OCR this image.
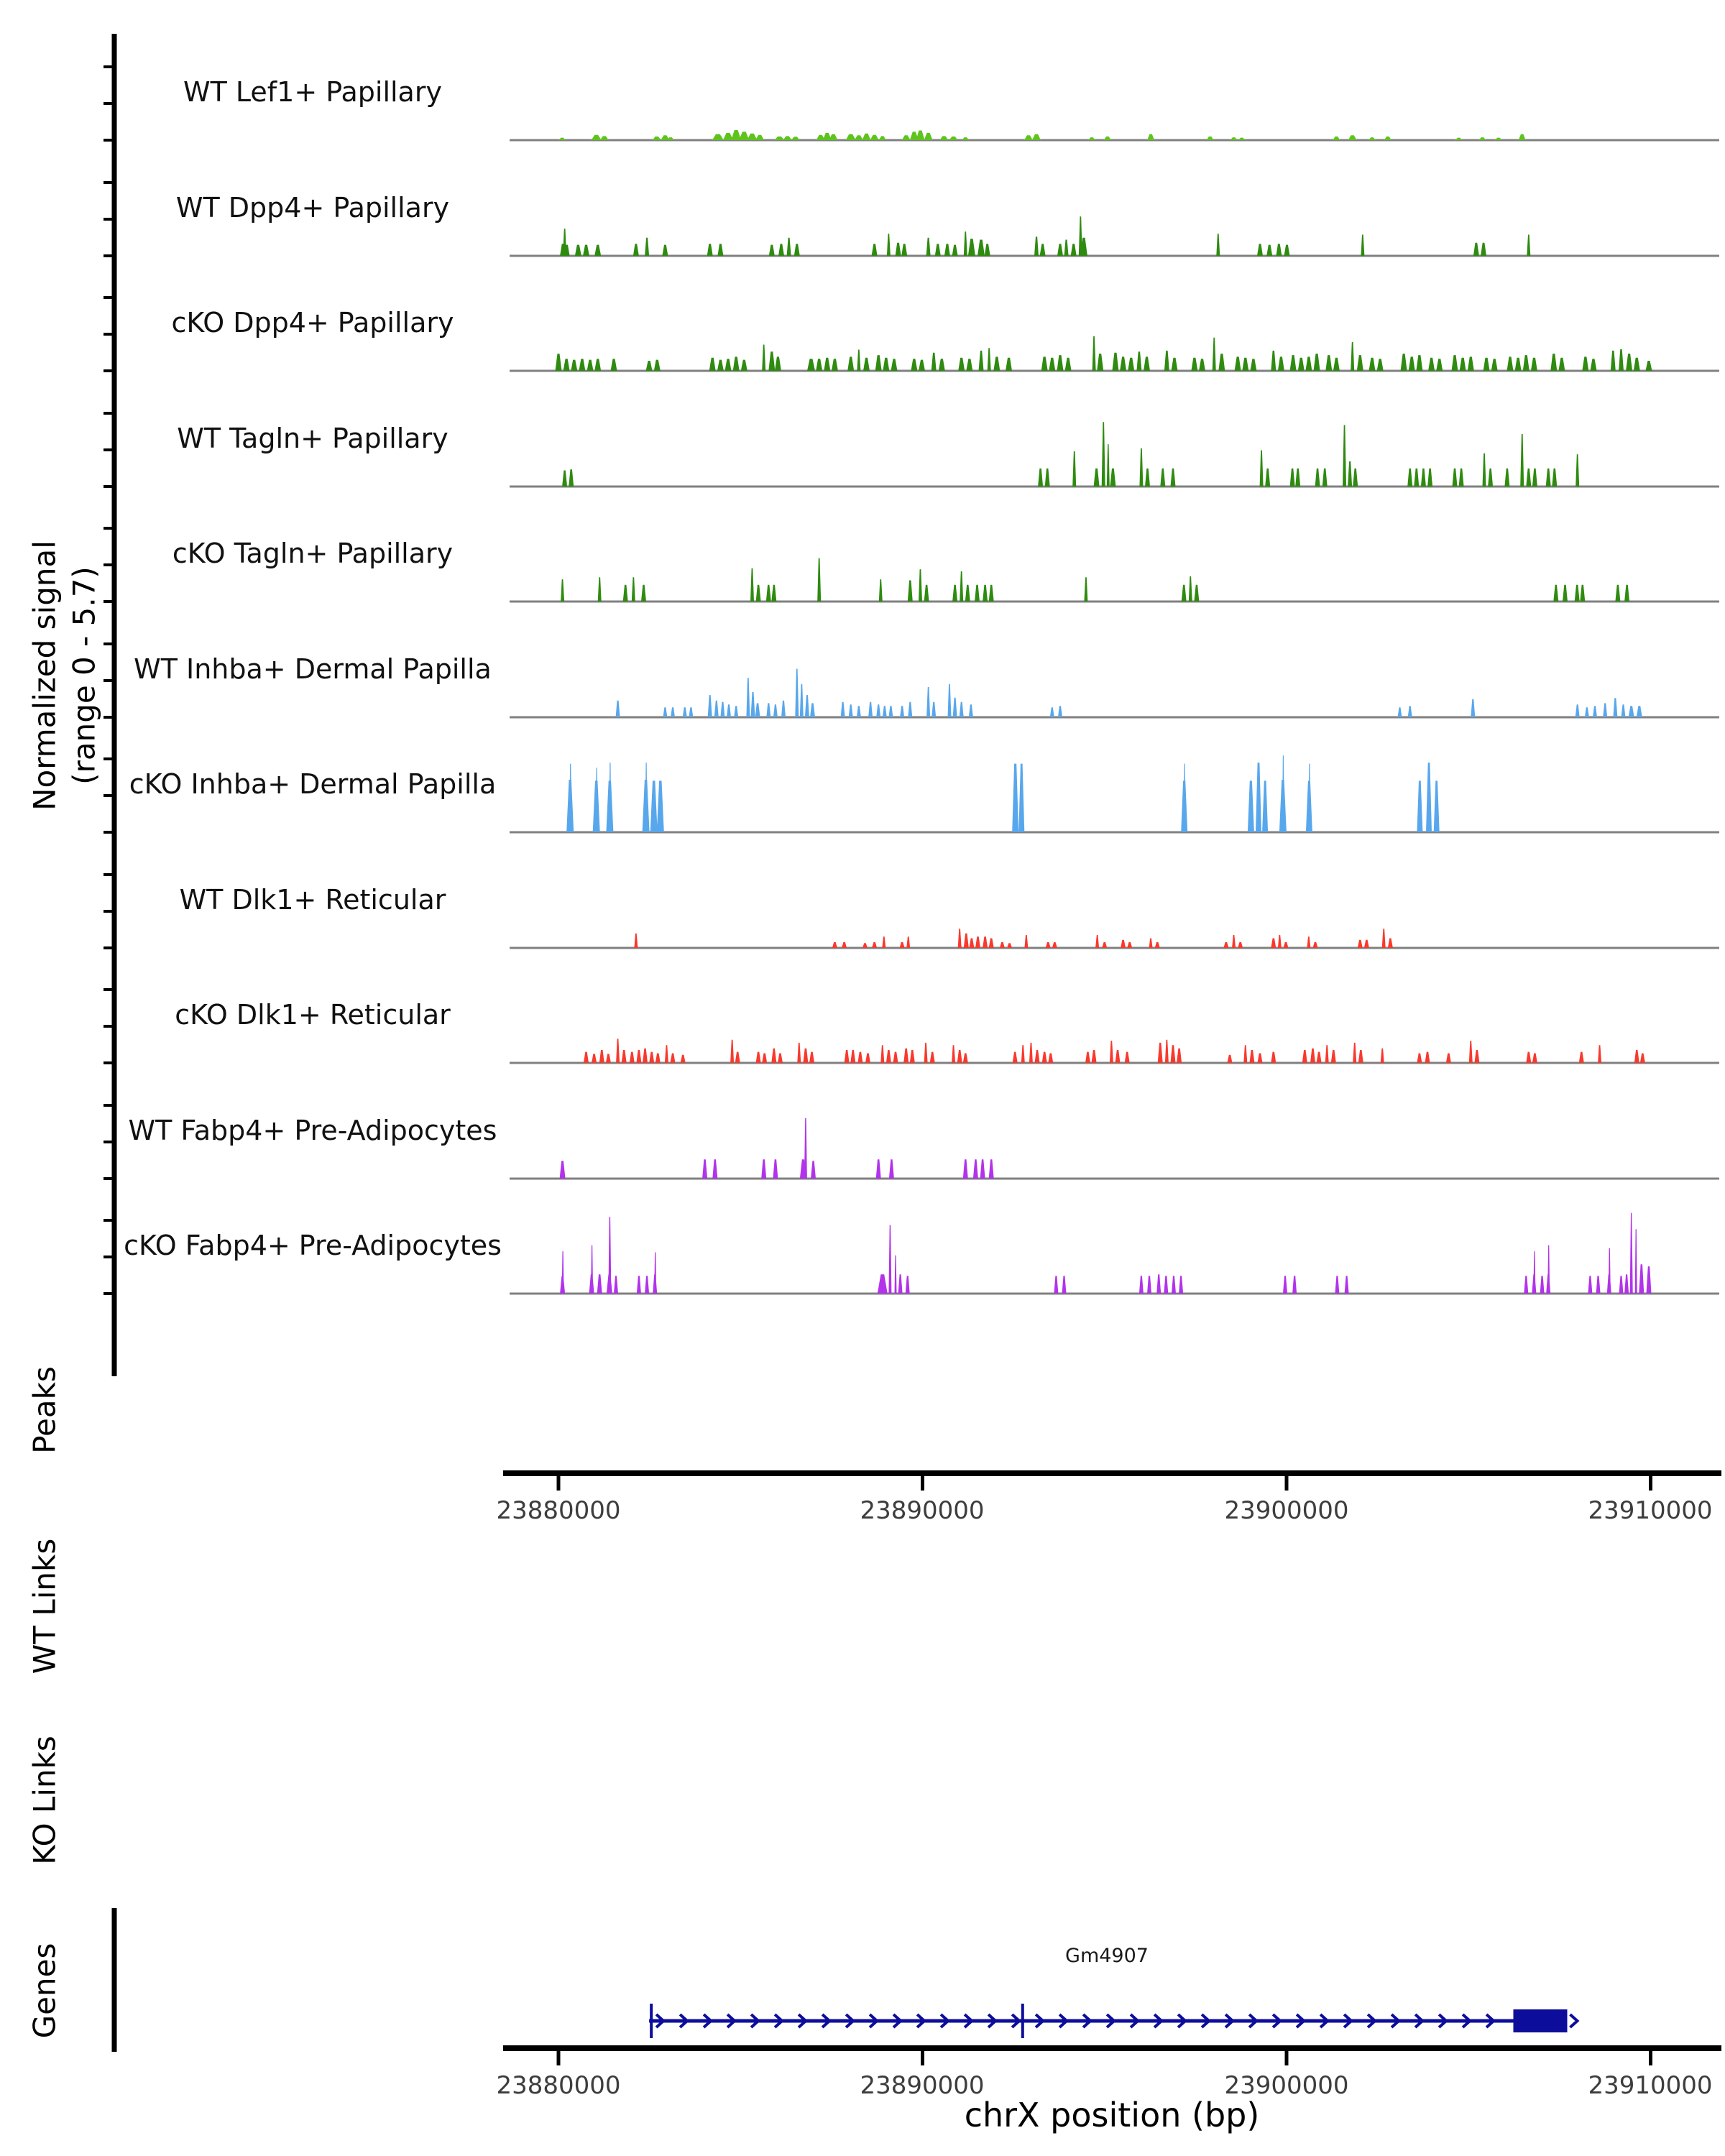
Normalized signal (range 0 - 5.7)
Peaks
WT Links
KO Links
Genes
WT Lef1+ Papillary
WT Dpp4+ Papillary
cKO Dpp4+ Papillary
WT Tagln+ Papillary
cKO Tagln+ Papillary
WT Inhba+ Dermal Papilla
cKO Inhba+ Dermal Papilla
WT Dlk1+ Reticular
cKO Dlk1+ Reticular
WT Fabp4+ Pre-Adipocytes
cKO Fabp4+ Pre-Adipocytes
23880000	23890000	23900000	23910000
Gm4907
23880000	23890000	23900000	23910000
chrX position (bp)
